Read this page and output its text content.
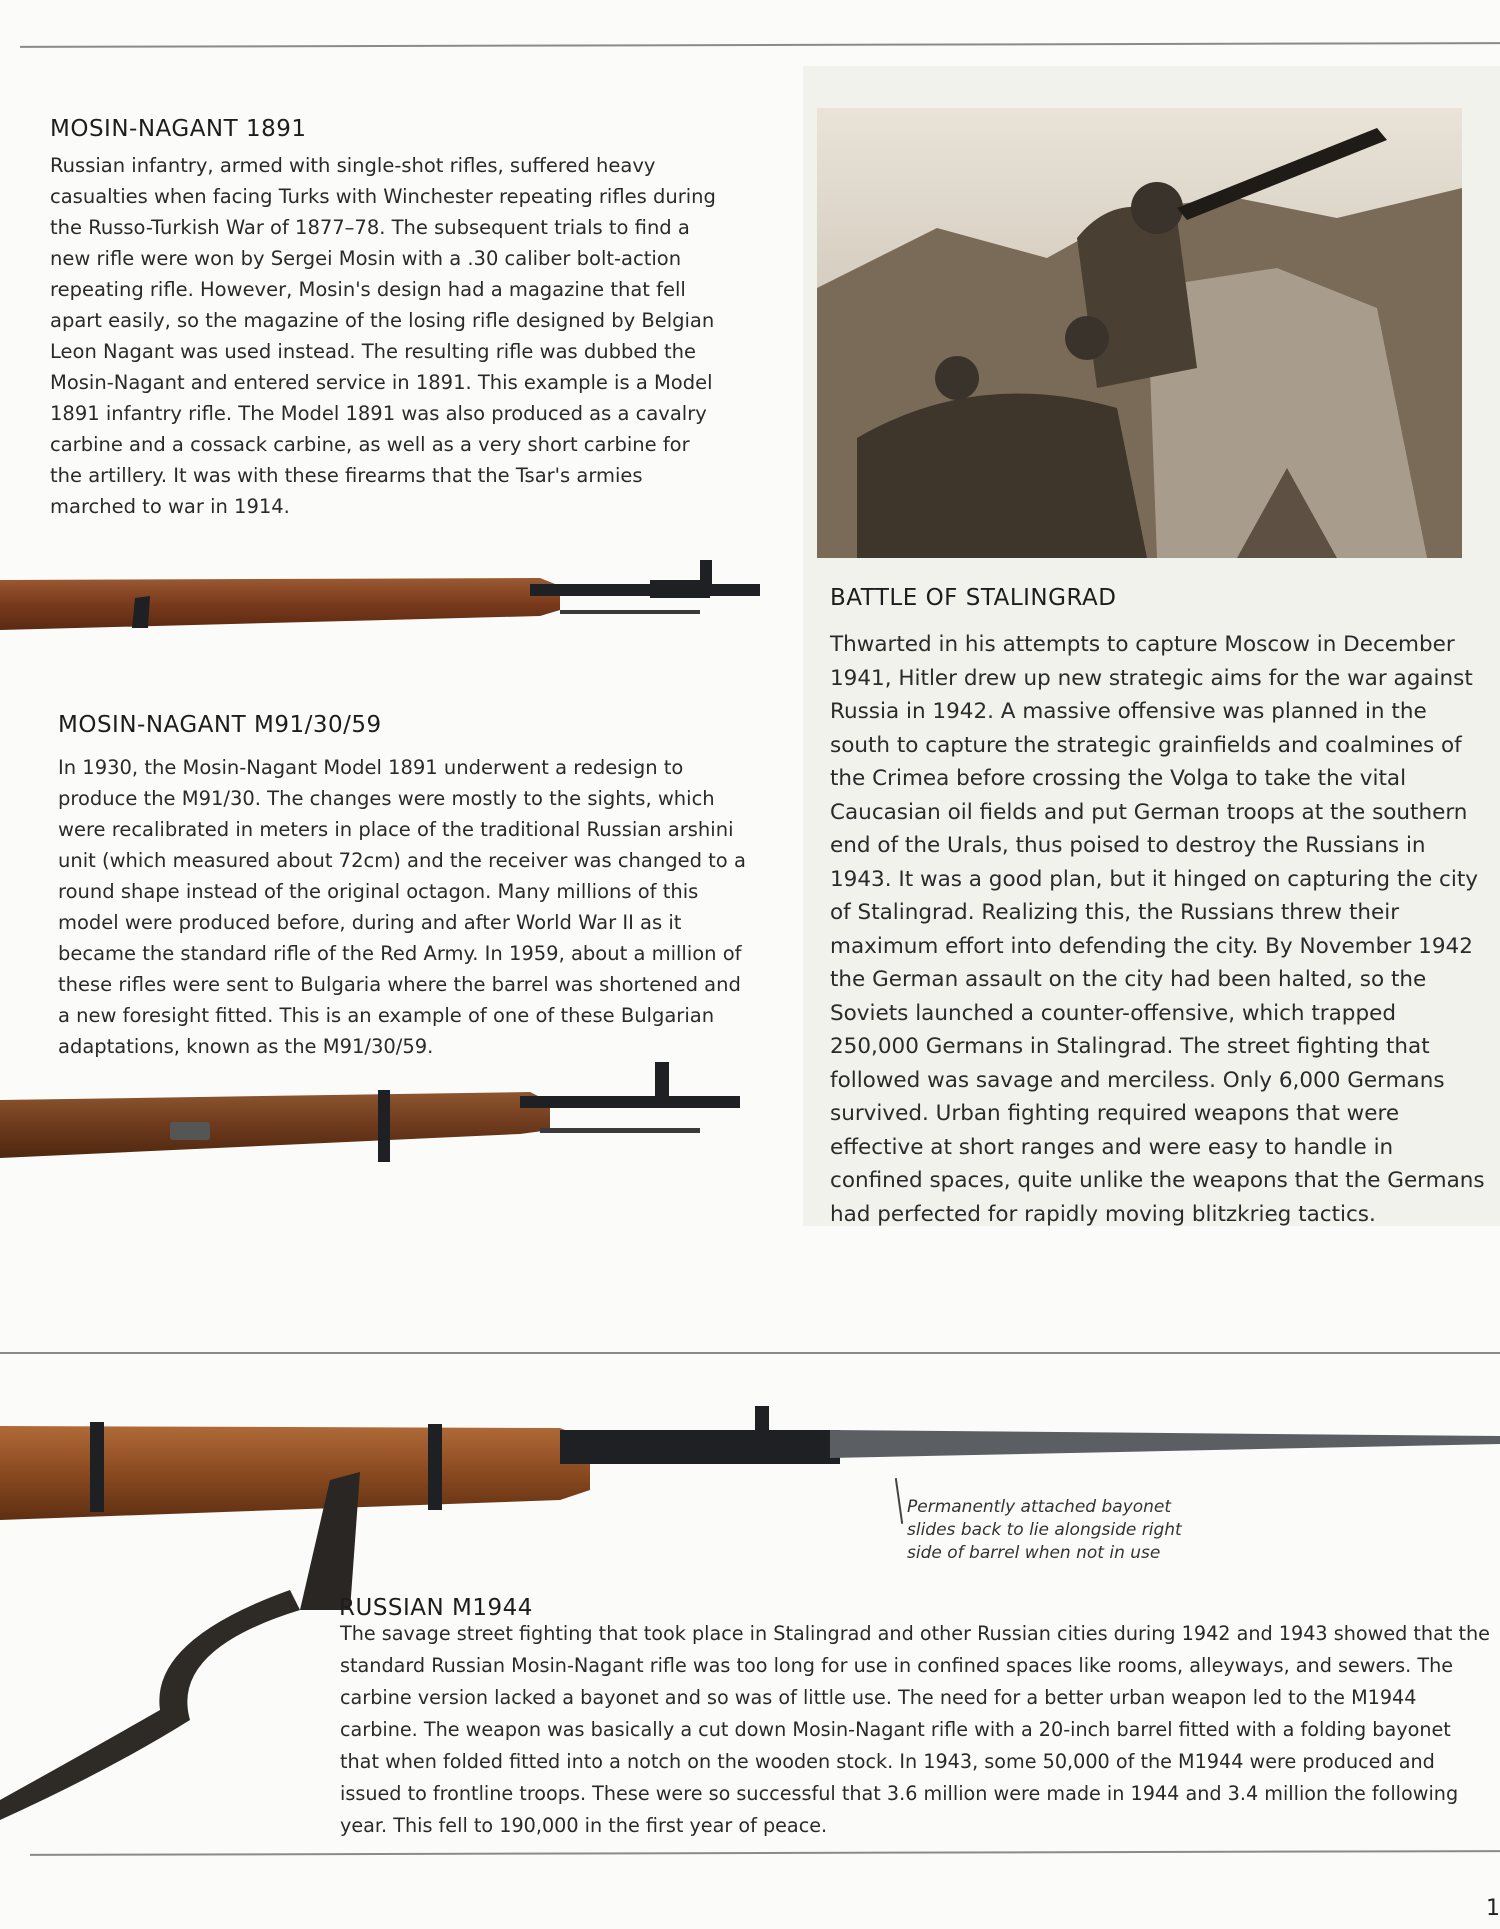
MOSIN-NAGANT 1891

Russian infantry, armed with single-shot rifles, suffered heavy casualties when facing Turks with Winchester repeating rifles during the Russo-Turkish War of 1877–78. The subsequent trials to find a new rifle were won by Sergei Mosin with a .30 caliber bolt-action repeating rifle. However, Mosin's design had a magazine that fell apart easily, so the magazine of the losing rifle designed by Belgian Leon Nagant was used instead. The resulting rifle was dubbed the Mosin-Nagant and entered service in 1891. This example is a Model 1891 infantry rifle. The Model 1891 was also produced as a cavalry carbine and a cossack carbine, as well as a very short carbine for the artillery. It was with these firearms that the Tsar's armies marched to war in 1914.

MOSIN-NAGANT M91/30/59

In 1930, the Mosin-Nagant Model 1891 underwent a redesign to produce the M91/30. The changes were mostly to the sights, which were recalibrated in meters in place of the traditional Russian arshini unit (which measured about 72cm) and the receiver was changed to a round shape instead of the original octagon. Many millions of this model were produced before, during and after World War II as it became the standard rifle of the Red Army. In 1959, about a million of these rifles were sent to Bulgaria where the barrel was shortened and a new foresight fitted. This is an example of one of these Bulgarian adaptations, known as the M91/30/59.

BATTLE OF STALINGRAD

Thwarted in his attempts to capture Moscow in December 1941, Hitler drew up new strategic aims for the war against Russia in 1942. A massive offensive was planned in the south to capture the strategic grainfields and coalmines of the Crimea before crossing the Volga to take the vital Caucasian oil fields and put German troops at the southern end of the Urals, thus poised to destroy the Russians in 1943. It was a good plan, but it hinged on capturing the city of Stalingrad. Realizing this, the Russians threw their maximum effort into defending the city. By November 1942 the German assault on the city had been halted, so the Soviets launched a counter-offensive, which trapped 250,000 Germans in Stalingrad. The street fighting that followed was savage and merciless. Only 6,000 Germans survived. Urban fighting required weapons that were effective at short ranges and were easy to handle in confined spaces, quite unlike the weapons that the Germans had perfected for rapidly moving blitzkrieg tactics.

Permanently attached bayonet slides back to lie alongside right side of barrel when not in use
RUSSIAN M1944

The savage street fighting that took place in Stalingrad and other Russian cities during 1942 and 1943 showed that the standard Russian Mosin-Nagant rifle was too long for use in confined spaces like rooms, alleyways, and sewers. The carbine version lacked a bayonet and so was of little use. The need for a better urban weapon led to the M1944 carbine. The weapon was basically a cut down Mosin-Nagant rifle with a 20-inch barrel fitted with a folding bayonet that when folded fitted into a notch on the wooden stock. In 1943, some 50,000 of the M1944 were produced and issued to frontline troops. These were so successful that 3.6 million were made in 1944 and 3.4 million the following year. This fell to 190,000 in the first year of peace.

1
